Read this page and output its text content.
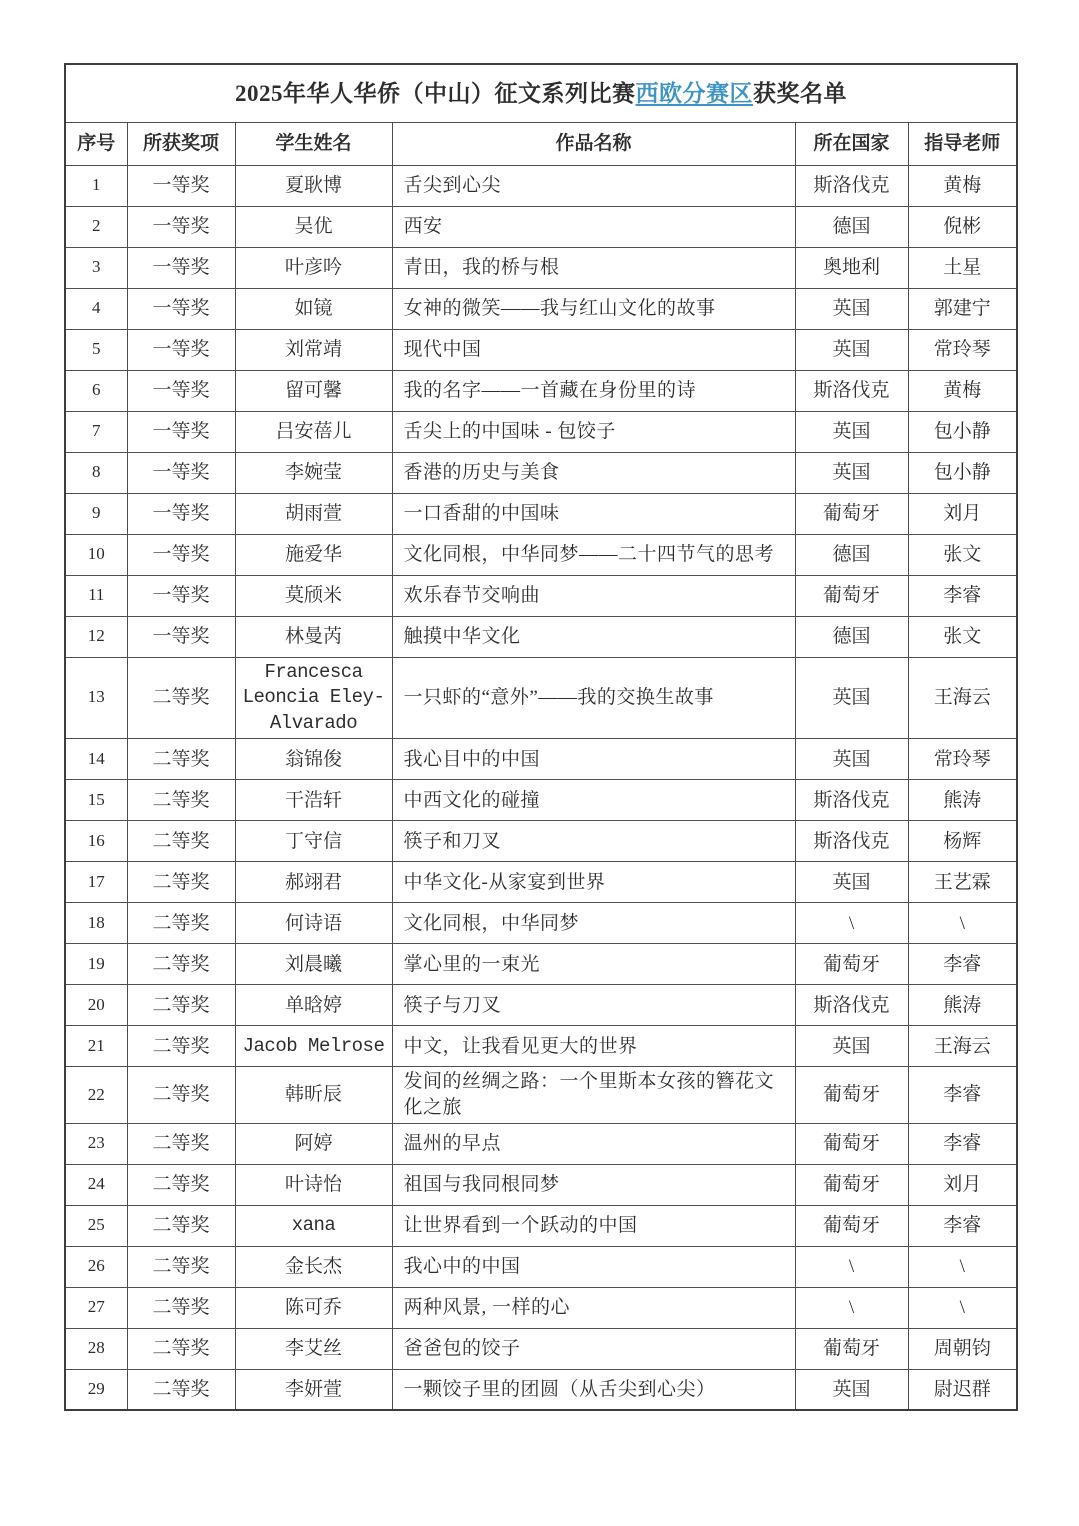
2025年华人华侨（中山）征文系列比赛西欧分赛区获奖名单					
序号	所获奖项	学生姓名	作品名称	所在国家	指导老师
1	一等奖	夏耿博	舌尖到心尖	斯洛伐克	黄梅
2	一等奖	吴优	西安	德国	倪彬
3	一等奖	叶彦吟	青田，我的桥与根	奥地利	土星
4	一等奖	如镜	女神的微笑——我与红山文化的故事	英国	郭建宁
5	一等奖	刘常靖	现代中国	英国	常玲琴
6	一等奖	留可馨	我的名字——一首藏在身份里的诗	斯洛伐克	黄梅
7	一等奖	吕安蓓儿	舌尖上的中国味 - 包饺子	英国	包小静
8	一等奖	李婉莹	香港的历史与美食	英国	包小静
9	一等奖	胡雨萱	一口香甜的中国味	葡萄牙	刘月
10	一等奖	施爱华	文化同根，中华同梦——二十四节气的思考	德国	张文
11	一等奖	莫颀米	欢乐春节交响曲	葡萄牙	李睿
12	一等奖	林曼芮	触摸中华文化	德国	张文
13	二等奖	Francesca Leoncia Eley-Alvarado	一只虾的“意外”——我的交换生故事	英国	王海云
14	二等奖	翁锦俊	我心目中的中国	英国	常玲琴
15	二等奖	干浩轩	中西文化的碰撞	斯洛伐克	熊涛
16	二等奖	丁守信	筷子和刀叉	斯洛伐克	杨辉
17	二等奖	郝翊君	中华文化-从家宴到世界	英国	王艺霖
18	二等奖	何诗语	文化同根，中华同梦	\	\
19	二等奖	刘晨曦	掌心里的一束光	葡萄牙	李睿
20	二等奖	单晗婷	筷子与刀叉	斯洛伐克	熊涛
21	二等奖	Jacob Melrose	中文，让我看见更大的世界	英国	王海云
22	二等奖	韩昕辰	发间的丝绸之路：一个里斯本女孩的簪花文化之旅	葡萄牙	李睿
23	二等奖	阿婷	温州的早点	葡萄牙	李睿
24	二等奖	叶诗怡	祖国与我同根同梦	葡萄牙	刘月
25	二等奖	xana	让世界看到一个跃动的中国	葡萄牙	李睿
26	二等奖	金长杰	我心中的中国	\	\
27	二等奖	陈可乔	两种风景, 一样的心	\	\
28	二等奖	李艾丝	爸爸包的饺子	葡萄牙	周朝钧
29	二等奖	李妍萱	一颗饺子里的团圆（从舌尖到心尖）	英国	尉迟群
